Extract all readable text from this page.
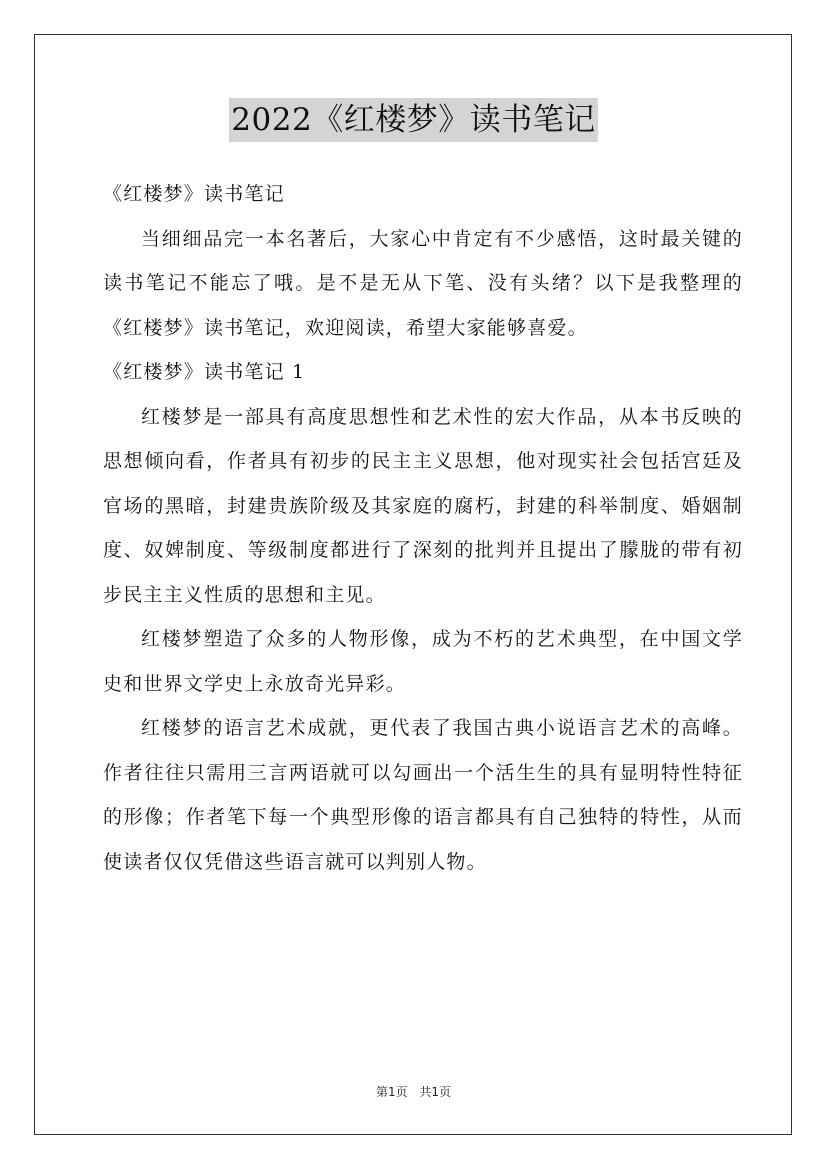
2022《红楼梦》读书笔记

《红楼梦》读书笔记

当细细品完一本名著后，大家心中肯定有不少感悟，这时最关键的读书笔记不能忘了哦。是不是无从下笔、没有头绪？以下是我整理的《红楼梦》读书笔记，欢迎阅读，希望大家能够喜爱。

《红楼梦》读书笔记 1

红楼梦是一部具有高度思想性和艺术性的宏大作品，从本书反映的思想倾向看，作者具有初步的民主主义思想，他对现实社会包括宫廷及官场的黑暗，封建贵族阶级及其家庭的腐朽，封建的科举制度、婚姻制度、奴婢制度、等级制度都进行了深刻的批判并且提出了朦胧的带有初步民主主义性质的思想和主见。

红楼梦塑造了众多的人物形像，成为不朽的艺术典型，在中国文学史和世界文学史上永放奇光异彩。

红楼梦的语言艺术成就，更代表了我国古典小说语言艺术的高峰。作者往往只需用三言两语就可以勾画出一个活生生的具有显明特性特征的形像；作者笔下每一个典型形像的语言都具有自己独特的特性，从而使读者仅仅凭借这些语言就可以判别人物。

第1页 共1页
